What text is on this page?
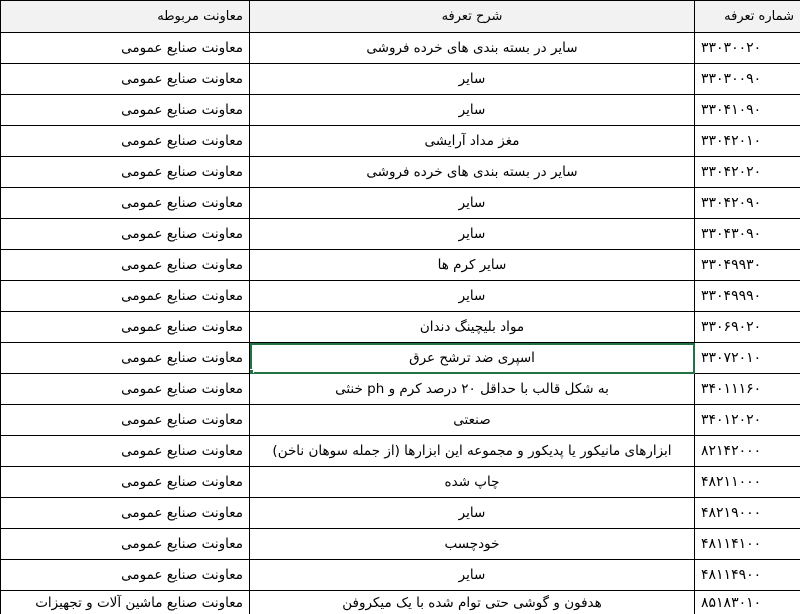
شماره تعرفه	شرح تعرفه	معاونت مربوطه
۳۳۰۳۰۰۲۰	سایر در بسته بندی های خرده فروشی	معاونت صنایع عمومی
۳۳۰۳۰۰۹۰	سایر	معاونت صنایع عمومی
۳۳۰۴۱۰۹۰	سایر	معاونت صنایع عمومی
۳۳۰۴۲۰۱۰	مغز مداد آرایشی	معاونت صنایع عمومی
۳۳۰۴۲۰۲۰	سایر در بسته بندی های خرده فروشی	معاونت صنایع عمومی
۳۳۰۴۲۰۹۰	سایر	معاونت صنایع عمومی
۳۳۰۴۳۰۹۰	سایر	معاونت صنایع عمومی
۳۳۰۴۹۹۳۰	سایر کرم ها	معاونت صنایع عمومی
۳۳۰۴۹۹۹۰	سایر	معاونت صنایع عمومی
۳۳۰۶۹۰۲۰	مواد بلیچینگ دندان	معاونت صنایع عمومی
۳۳۰۷۲۰۱۰	اسپری ضد ترشح عرق	معاونت صنایع عمومی
۳۴۰۱۱۱۶۰	به شکل قالب با حداقل ۲۰ درصد کرم و ph خنثی	معاونت صنایع عمومی
۳۴۰۱۲۰۲۰	صنعتی	معاونت صنایع عمومی
۸۲۱۴۲۰۰۰	ابزارهای مانیکور یا پدیکور و مجموعه این ابزارها (از جمله سوهان ناخن)	معاونت صنایع عمومی
۴۸۲۱۱۰۰۰	چاپ شده	معاونت صنایع عمومی
۴۸۲۱۹۰۰۰	سایر	معاونت صنایع عمومی
۴۸۱۱۴۱۰۰	خودچسب	معاونت صنایع عمومی
۴۸۱۱۴۹۰۰	سایر	معاونت صنایع عمومی
۸۵۱۸۳۰۱۰	هدفون و گوشی حتی توام شده با یک میکروفن	معاونت صنایع ماشین آلات و تجهیزات
